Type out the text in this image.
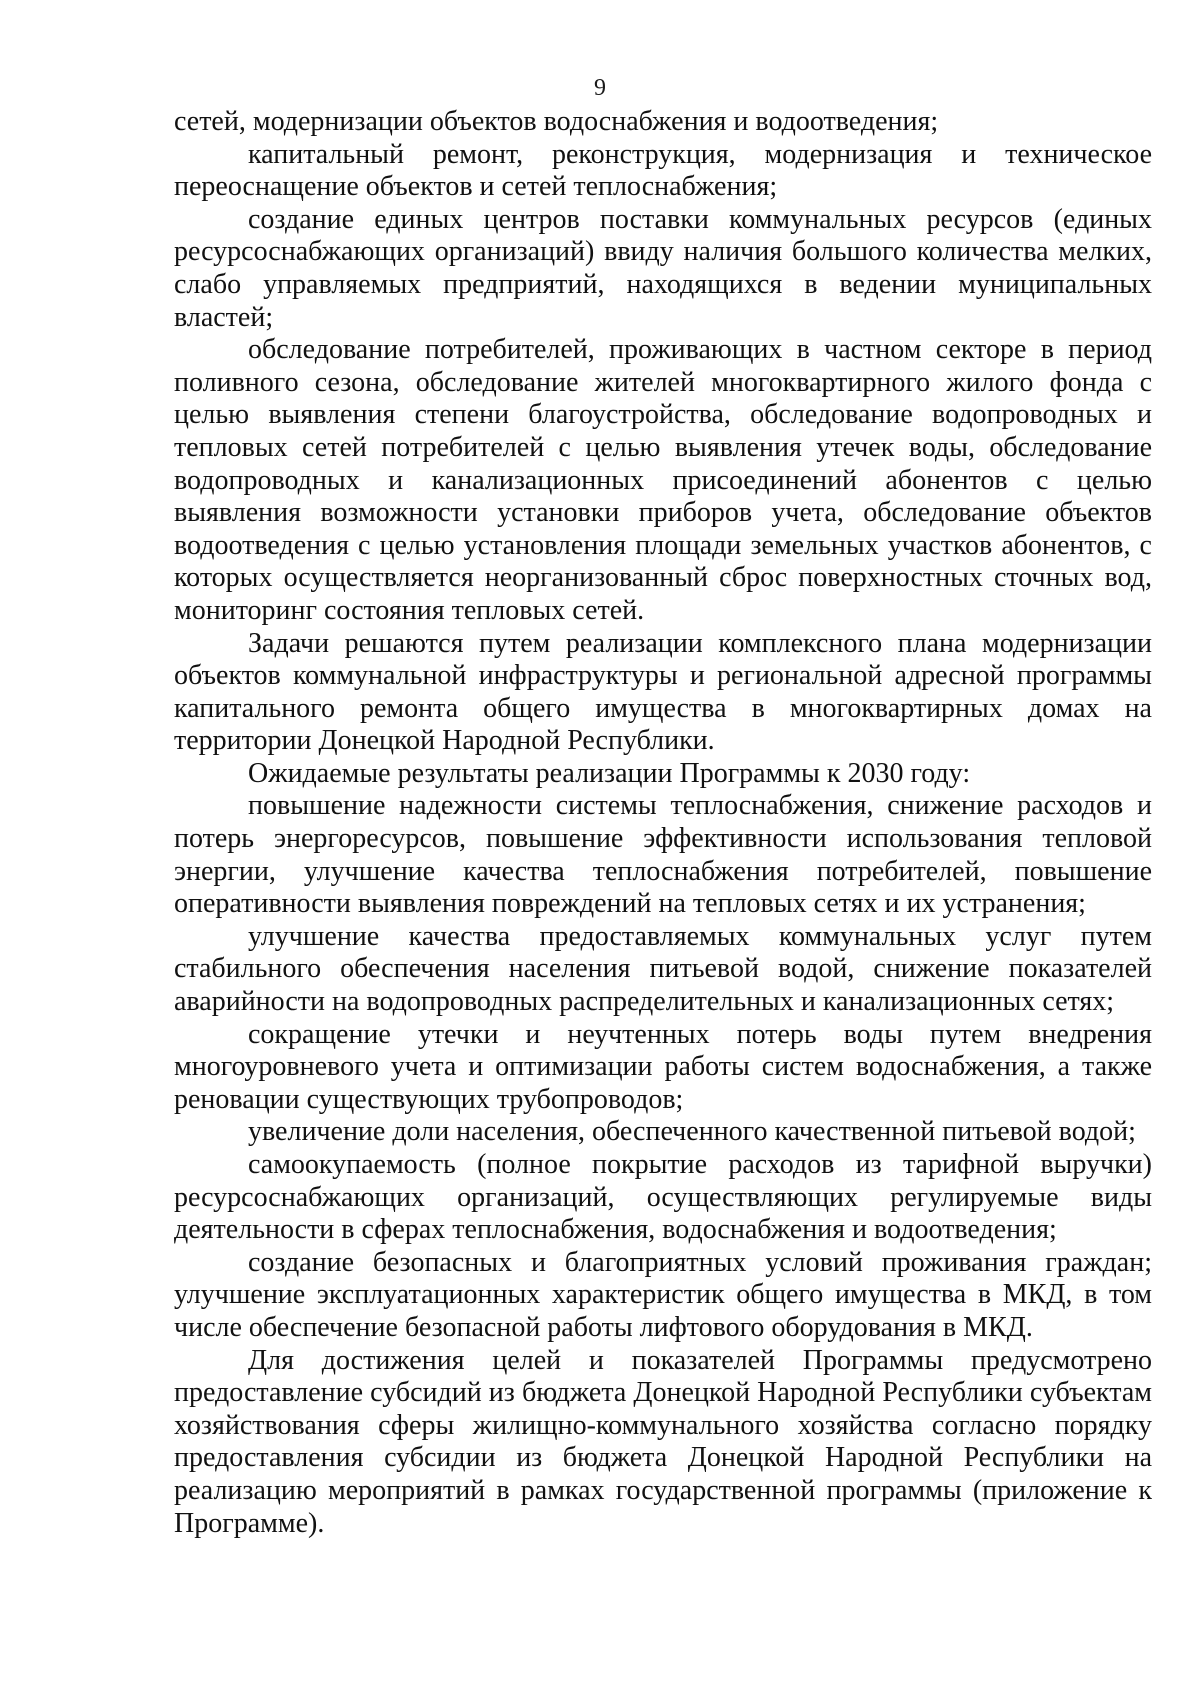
9

сетей, модернизации объектов водоснабжения и водоотведения;

капитальный ремонт, реконструкция, модернизация и техническое переоснащение объектов и сетей теплоснабжения;

создание единых центров поставки коммунальных ресурсов (единых ресурсоснабжающих организаций) ввиду наличия большого количества мелких, слабо управляемых предприятий, находящихся в ведении муниципальных властей;

обследование потребителей, проживающих в частном секторе в период поливного сезона, обследование жителей многоквартирного жилого фонда с целью выявления степени благоустройства, обследование водопроводных и тепловых сетей потребителей с целью выявления утечек воды, обследование водопроводных и канализационных присоединений абонентов с целью выявления возможности установки приборов учета, обследование объектов водоотведения с целью установления площади земельных участков абонентов, с которых осуществляется неорганизованный сброс поверхностных сточных вод, мониторинг состояния тепловых сетей.

Задачи решаются путем реализации комплексного плана модернизации объектов коммунальной инфраструктуры и региональной адресной программы капитального ремонта общего имущества в многоквартирных домах на территории Донецкой Народной Республики.

Ожидаемые результаты реализации Программы к 2030 году:

повышение надежности системы теплоснабжения, снижение расходов и потерь энергоресурсов, повышение эффективности использования тепловой энергии, улучшение качества теплоснабжения потребителей, повышение оперативности выявления повреждений на тепловых сетях и их устранения;

улучшение качества предоставляемых коммунальных услуг путем стабильного обеспечения населения питьевой водой, снижение показателей аварийности на водопроводных распределительных и канализационных сетях;

сокращение утечки и неучтенных потерь воды путем внедрения многоуровневого учета и оптимизации работы систем водоснабжения, а также реновации существующих трубопроводов;

увеличение доли населения, обеспеченного качественной питьевой водой;

самоокупаемость (полное покрытие расходов из тарифной выручки) ресурсоснабжающих организаций, осуществляющих регулируемые виды деятельности в сферах теплоснабжения, водоснабжения и водоотведения;

создание безопасных и благоприятных условий проживания граждан; улучшение эксплуатационных характеристик общего имущества в МКД, в том числе обеспечение безопасной работы лифтового оборудования в МКД.

Для достижения целей и показателей Программы предусмотрено предоставление субсидий из бюджета Донецкой Народной Республики субъектам хозяйствования сферы жилищно-коммунального хозяйства согласно порядку предоставления субсидии из бюджета Донецкой Народной Республики на реализацию мероприятий в рамках государственной программы (приложение к Программе).
